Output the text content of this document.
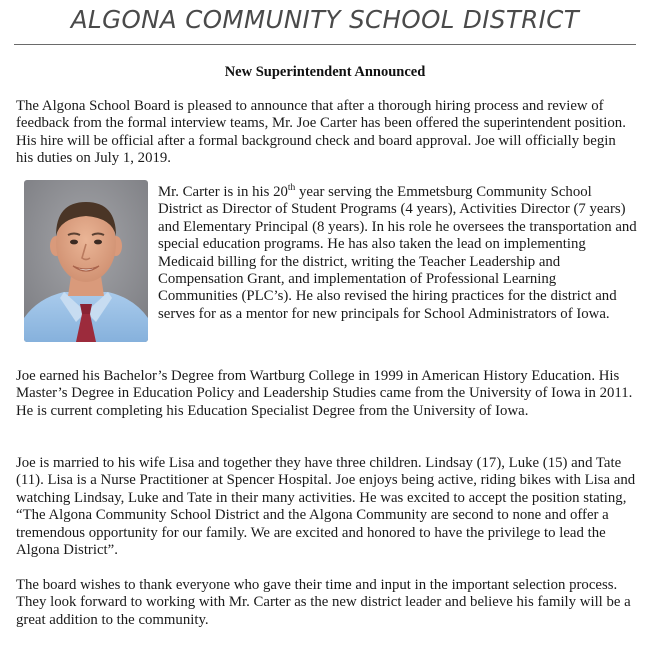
ALGONA COMMUNITY SCHOOL DISTRICT
New Superintendent Announced

The Algona School Board is pleased to announce that after a thorough hiring process and review of feedback from the formal interview teams, Mr. Joe Carter has been offered the superintendent position. His hire will be official after a formal background check and board approval. Joe will officially begin his duties on July 1, 2019.

Mr. Carter is in his 20th year serving the Emmetsburg Community School District as Director of Student Programs (4 years), Activities Director (7 years) and Elementary Principal (8 years). In his role he oversees the transportation and special education programs. He has also taken the lead on implementing Medicaid billing for the district, writing the Teacher Leadership and Compensation Grant, and implementation of Professional Learning Communities (PLC’s). He also revised the hiring practices for the district and serves for as a mentor for new principals for School Administrators of Iowa.

Joe earned his Bachelor’s Degree from Wartburg College in 1999 in American History Education. His Master’s Degree in Education Policy and Leadership Studies came from the University of Iowa in 2011. He is current completing his Education Specialist Degree from the University of Iowa.

Joe is married to his wife Lisa and together they have three children. Lindsay (17), Luke (15) and Tate (11). Lisa is a Nurse Practitioner at Spencer Hospital. Joe enjoys being active, riding bikes with Lisa and watching Lindsay, Luke and Tate in their many activities. He was excited to accept the position stating, “The Algona Community School District and the Algona Community are second to none and offer a tremendous opportunity for our family. We are excited and honored to have the privilege to lead the Algona District”.

The board wishes to thank everyone who gave their time and input in the important selection process. They look forward to working with Mr. Carter as the new district leader and believe his family will be a great addition to the community.
